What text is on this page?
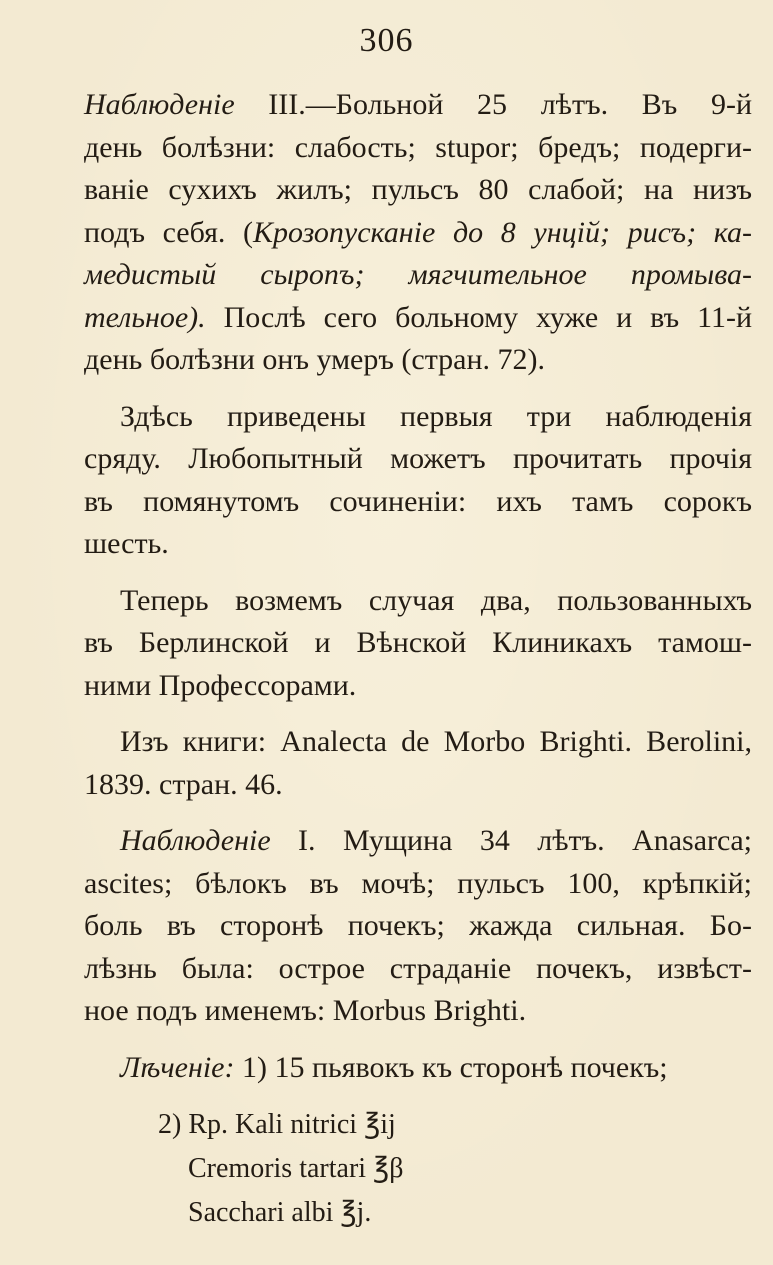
306
Наблюденіе III.—Больной 25 лѣтъ. Въ 9-й
день болѣзни: слабость; stupor; бредъ; подерги-
ваніе сухихъ жилъ; пульсъ 80 слабой; на низъ
подъ себя. (Крозопусканіе до 8 унцій; рисъ; ка-
медистый сыропъ; мягчительное промыва-
тельное). Послѣ сего больному хуже и въ 11-й
день болѣзни онъ умеръ (стран. 72).
Здѣсь приведены первыя три наблюденія
сряду. Любопытный можетъ прочитать прочія
въ помянутомъ сочиненіи: ихъ тамъ сорокъ
шесть.
Теперь возмемъ случая два, пользованныхъ
въ Берлинской и Вѣнской Клиникахъ тамош-
ними Профессорами.
Изъ книги: Analecta de Morbo Brighti. Berolini,
1839. стран. 46.
Наблюденіе I. Мущина 34 лѣтъ. Anasarca;
ascites; бѣлокъ въ мочѣ; пульсъ 100, крѣпкій;
боль въ сторонѣ почекъ; жажда сильная. Бо-
лѣзнь была: острое страданіе почекъ, извѣст-
ное подъ именемъ: Morbus Brighti.
Лѣченіе: 1) 15 пьявокъ къ сторонѣ почекъ;
2) Rp. Kali nitrici ℥ij
Cremoris tartari ℥β
Sacchari albi ℥j.
